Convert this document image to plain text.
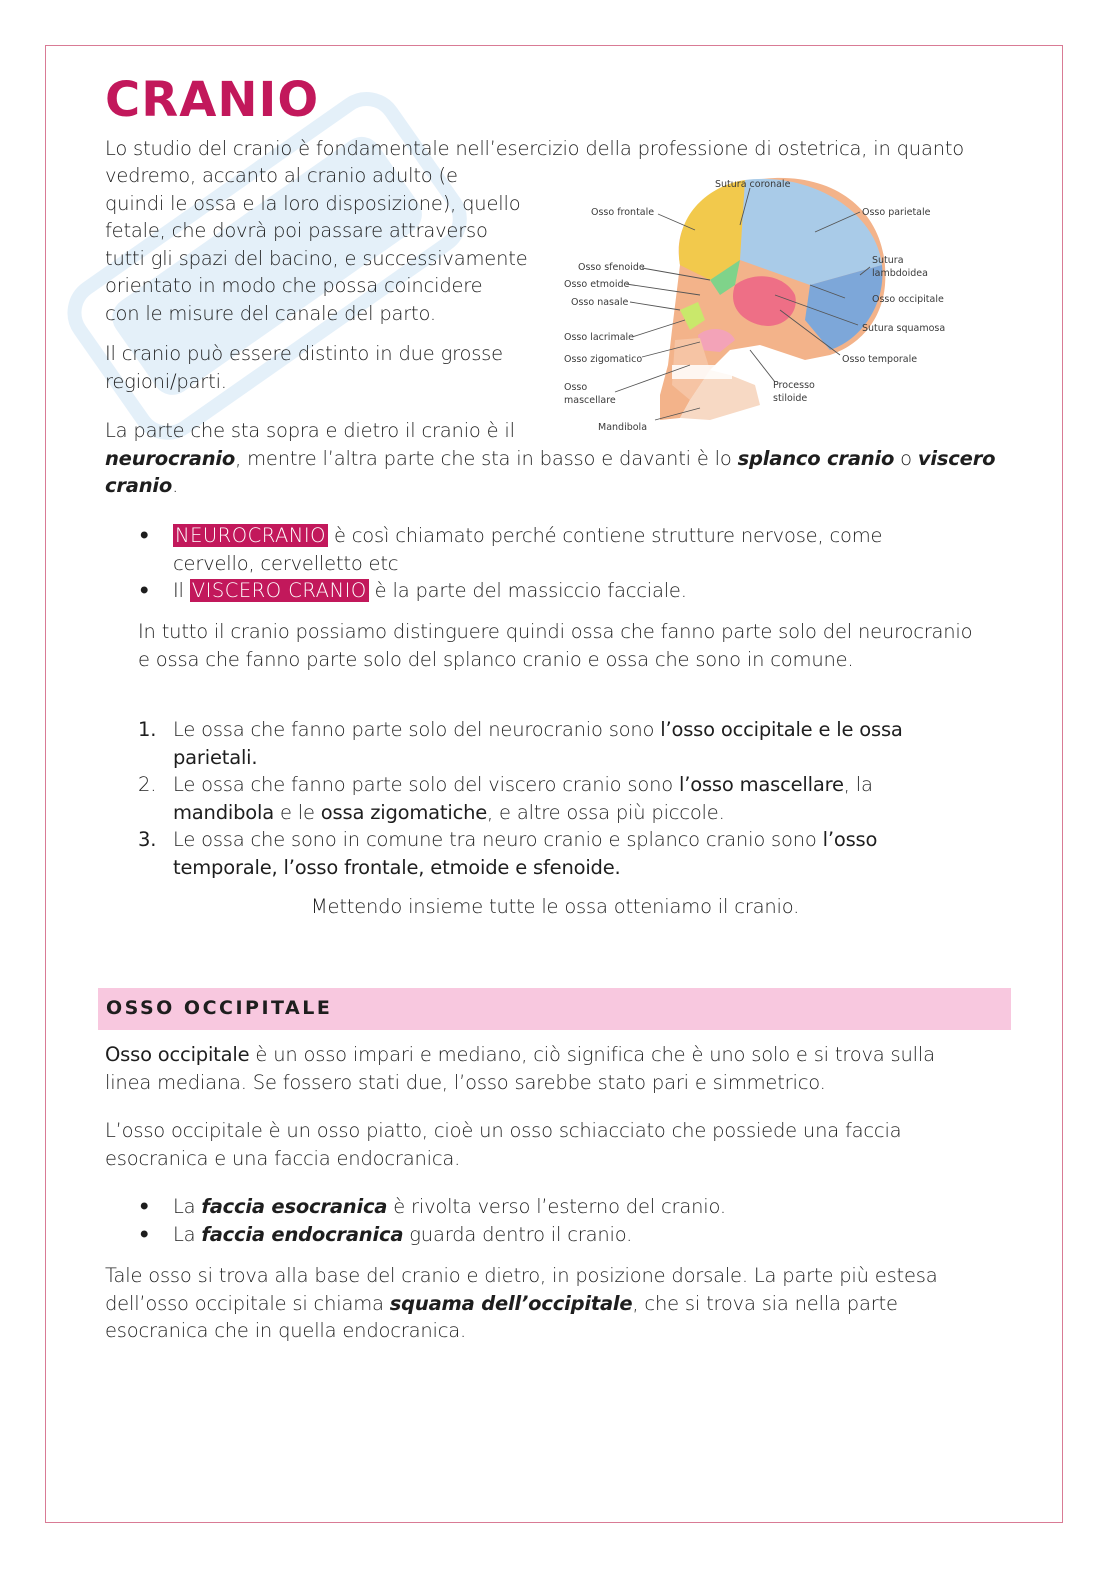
CRANIO

Lo studio del cranio è fondamentale nell’esercizio della professione di ostetrica, in quanto

vedremo, accanto al cranio adulto (e

quindi le ossa e la loro disposizione), quello

fetale, che dovrà poi passare attraverso

tutti gli spazi del bacino, e successivamente

orientato in modo che possa coincidere

con le misure del canale del parto.

Il cranio può essere distinto in due grosse

regioni/parti.

La parte che sta sopra e dietro il cranio è il

neurocranio, mentre l’altra parte che sta in basso e davanti è lo splanco cranio o viscero

cranio.

• NEUROCRANIO è così chiamato perché contiene strutture nervose, come
cervello, cervelletto etc
• Il VISCERO CRANIO è la parte del massiccio facciale.

In tutto il cranio possiamo distinguere quindi ossa che fanno parte solo del neurocranio

e ossa che fanno parte solo del splanco cranio e ossa che sono in comune.

1. Le ossa che fanno parte solo del neurocranio sono l’osso occipitale e le ossa
parietali.
2. Le ossa che fanno parte solo del viscero cranio sono l’osso mascellare, la
mandibola e le ossa zigomatiche, e altre ossa più piccole.
3. Le ossa che sono in comune tra neuro cranio e splanco cranio sono l’osso
temporale, l’osso frontale, etmoide e sfenoide.

Mettendo insieme tutte le ossa otteniamo il cranio.

OSSO OCCIPITALE

Osso occipitale è un osso impari e mediano, ciò significa che è uno solo e si trova sulla

linea mediana. Se fossero stati due, l’osso sarebbe stato pari e simmetrico.

L’osso occipitale è un osso piatto, cioè un osso schiacciato che possiede una faccia

esocranica e una faccia endocranica.

• La faccia esocranica è rivolta verso l’esterno del cranio.
• La faccia endocranica guarda dentro il cranio.

Tale osso si trova alla base del cranio e dietro, in posizione dorsale. La parte più estesa

dell’osso occipitale si chiama squama dell’occipitale, che si trova sia nella parte

esocranica che in quella endocranica.

Sutura coronale
Osso frontale	Osso parietale
Osso sfenoide
Osso etmoide
Osso nasale
Sutura
lambdoidea
Osso occipitale
Sutura squamosa
Osso lacrimale
Osso zigomatico	Osso temporale
Osso
mascellare
Processo
stiloide
Mandibola
